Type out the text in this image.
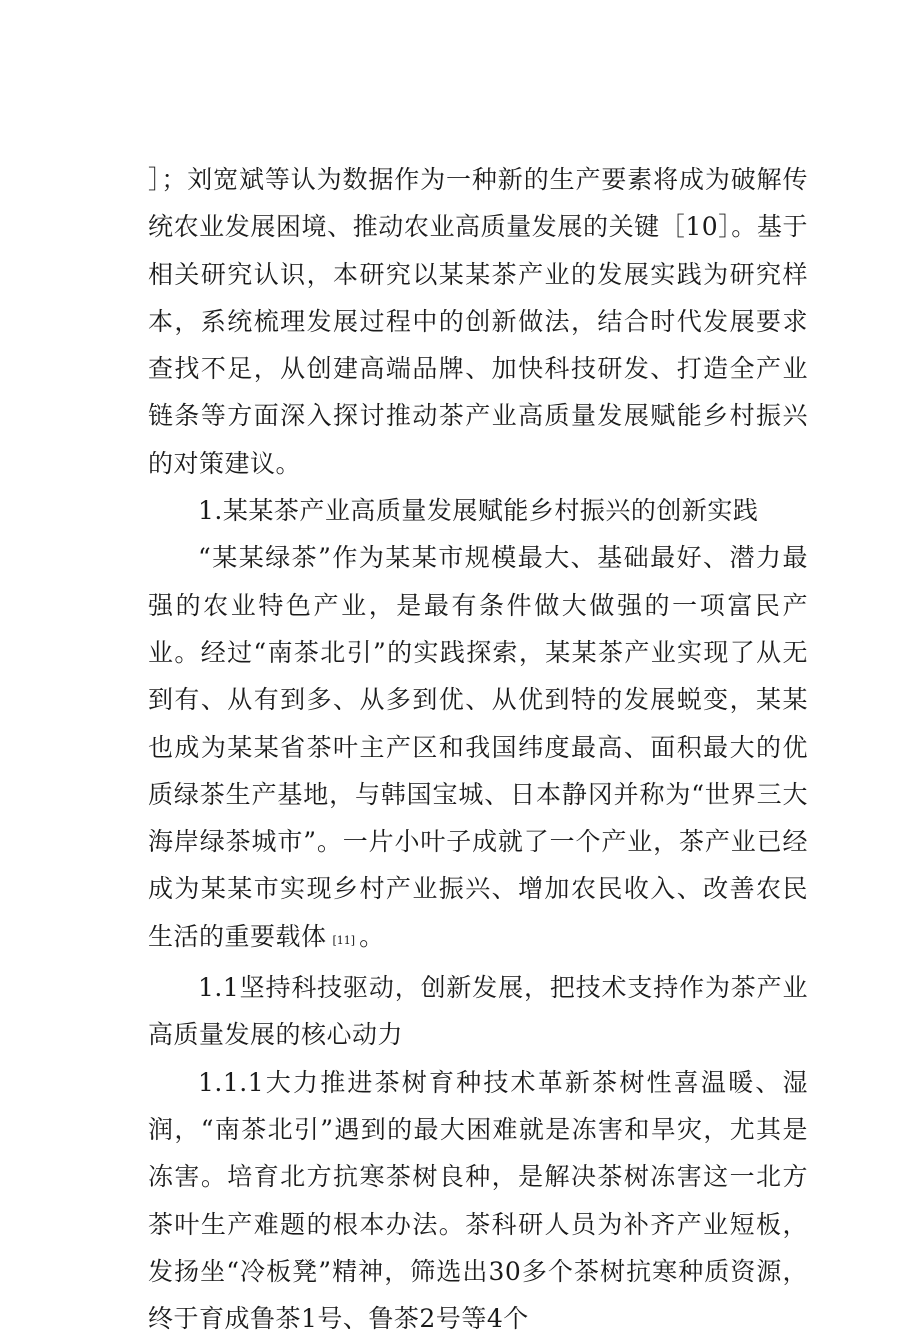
］；刘宽斌等认为数据作为一种新的生产要素将成为破解传统农业发展困境、推动农业高质量发展的关键［10］。基于相关研究认识，本研究以某某茶产业的发展实践为研究样本，系统梳理发展过程中的创新做法，结合时代发展要求查找不足，从创建高端品牌、加快科技研发、打造全产业链条等方面深入探讨推动茶产业高质量发展赋能乡村振兴的对策建议。

1.某某茶产业高质量发展赋能乡村振兴的创新实践

“某某绿茶”作为某某市规模最大、基础最好、潜力最强的农业特色产业，是最有条件做大做强的一项富民产业。经过“南茶北引”的实践探索，某某茶产业实现了从无到有、从有到多、从多到优、从优到特的发展蜕变，某某也成为某某省茶叶主产区和我国纬度最高、面积最大的优质绿茶生产基地，与韩国宝城、日本静冈并称为“世界三大海岸绿茶城市”。一片小叶子成就了一个产业，茶产业已经成为某某市实现乡村产业振兴、增加农民收入、改善农民生活的重要载体 [11] 。

1.1坚持科技驱动，创新发展，把技术支持作为茶产业高质量发展的核心动力

1.1.1大力推进茶树育种技术革新茶树性喜温暖、湿润，“南茶北引”遇到的最大困难就是冻害和旱灾，尤其是冻害。培育北方抗寒茶树良种，是解决茶树冻害这一北方茶叶生产难题的根本办法。茶科研人员为补齐产业短板，发扬坐“冷板凳”精神，筛选出30多个茶树抗寒种质资源，终于育成鲁茶1号、鲁茶2号等4个
